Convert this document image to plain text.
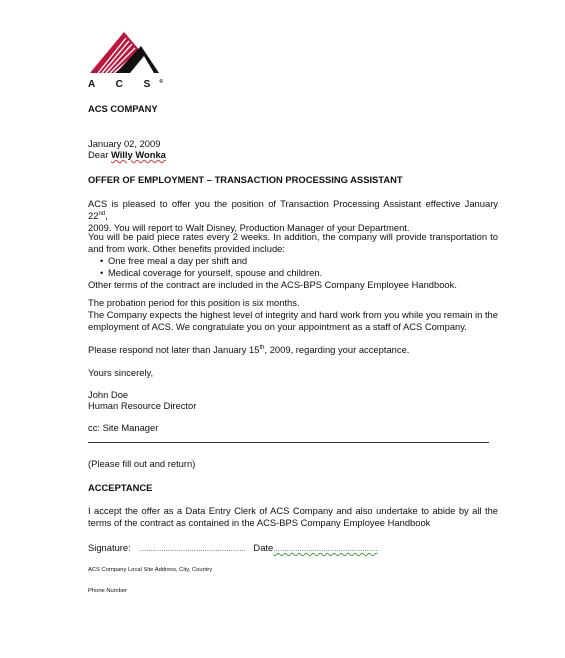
A C S®
ACS COMPANY
January 02, 2009
Dear Willy Wonka
OFFER OF EMPLOYMENT – TRANSACTION PROCESSING ASSISTANT
ACS is pleased to offer you the position of Transaction Processing Assistant effective January 22nd,
2009. You will report to Walt Disney, Production Manager of your Department.
You will be paid piece rates every 2 weeks. In addition, the company will provide transportation to
and from work. Other benefits provided include:
• One free meal a day per shift and
• Medical coverage for yourself, spouse and children.
Other terms of the contract are included in the ACS-BPS Company Employee Handbook.
The probation period for this position is six months.
The Company expects the highest level of integrity and hard work from you while you remain in the
employment of ACS. We congratulate you on your appointment as a staff of ACS Company.
Please respond not later than January 15th, 2009, regarding your acceptance.
Yours sincerely,
John Doe
Human Resource Director
cc: Site Manager
(Please fill out and return)
ACCEPTANCE
I accept the offer as a Data Entry Clerk of ACS Company and also undertake to abide by all the
terms of the contract as contained in the ACS-BPS Company Employee Handbook
Signature: …………………………………………. Date…………………………………………
ACS Company Local Site Address, City, Country
Phone Number
